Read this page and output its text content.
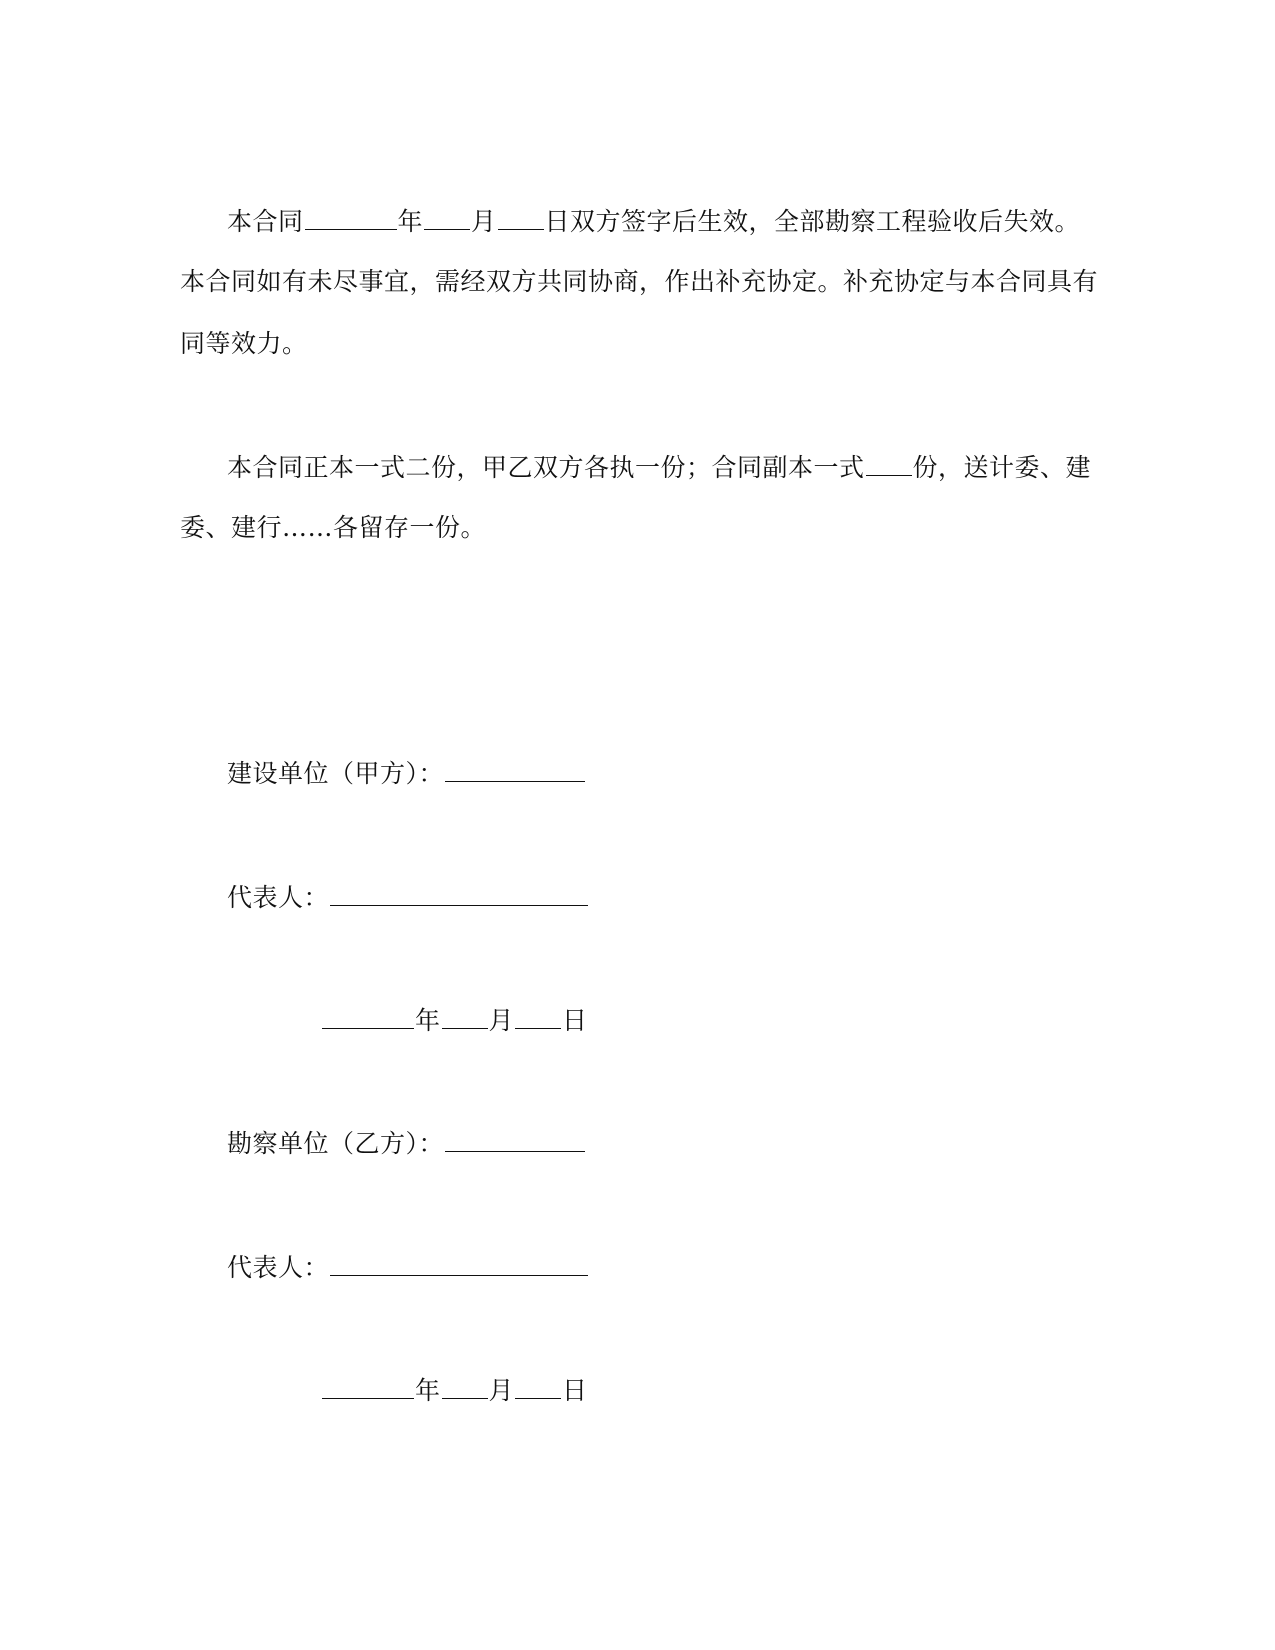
本合同	年 月 日双方签字后生效，全部勘察工程验收后失效。
本合同如有未尽事宜，需经双方共同协商，作出补充协定。补充协定与本合同具有
同等效力。
本合同正本一式二份，甲乙双方各执一份；合同副本一式 份，送计委、建
委、建行……各留存一份。
建设单位（甲方）：
代表人：
年 月 日
勘察单位（乙方）：
代表人：
年 月 日
